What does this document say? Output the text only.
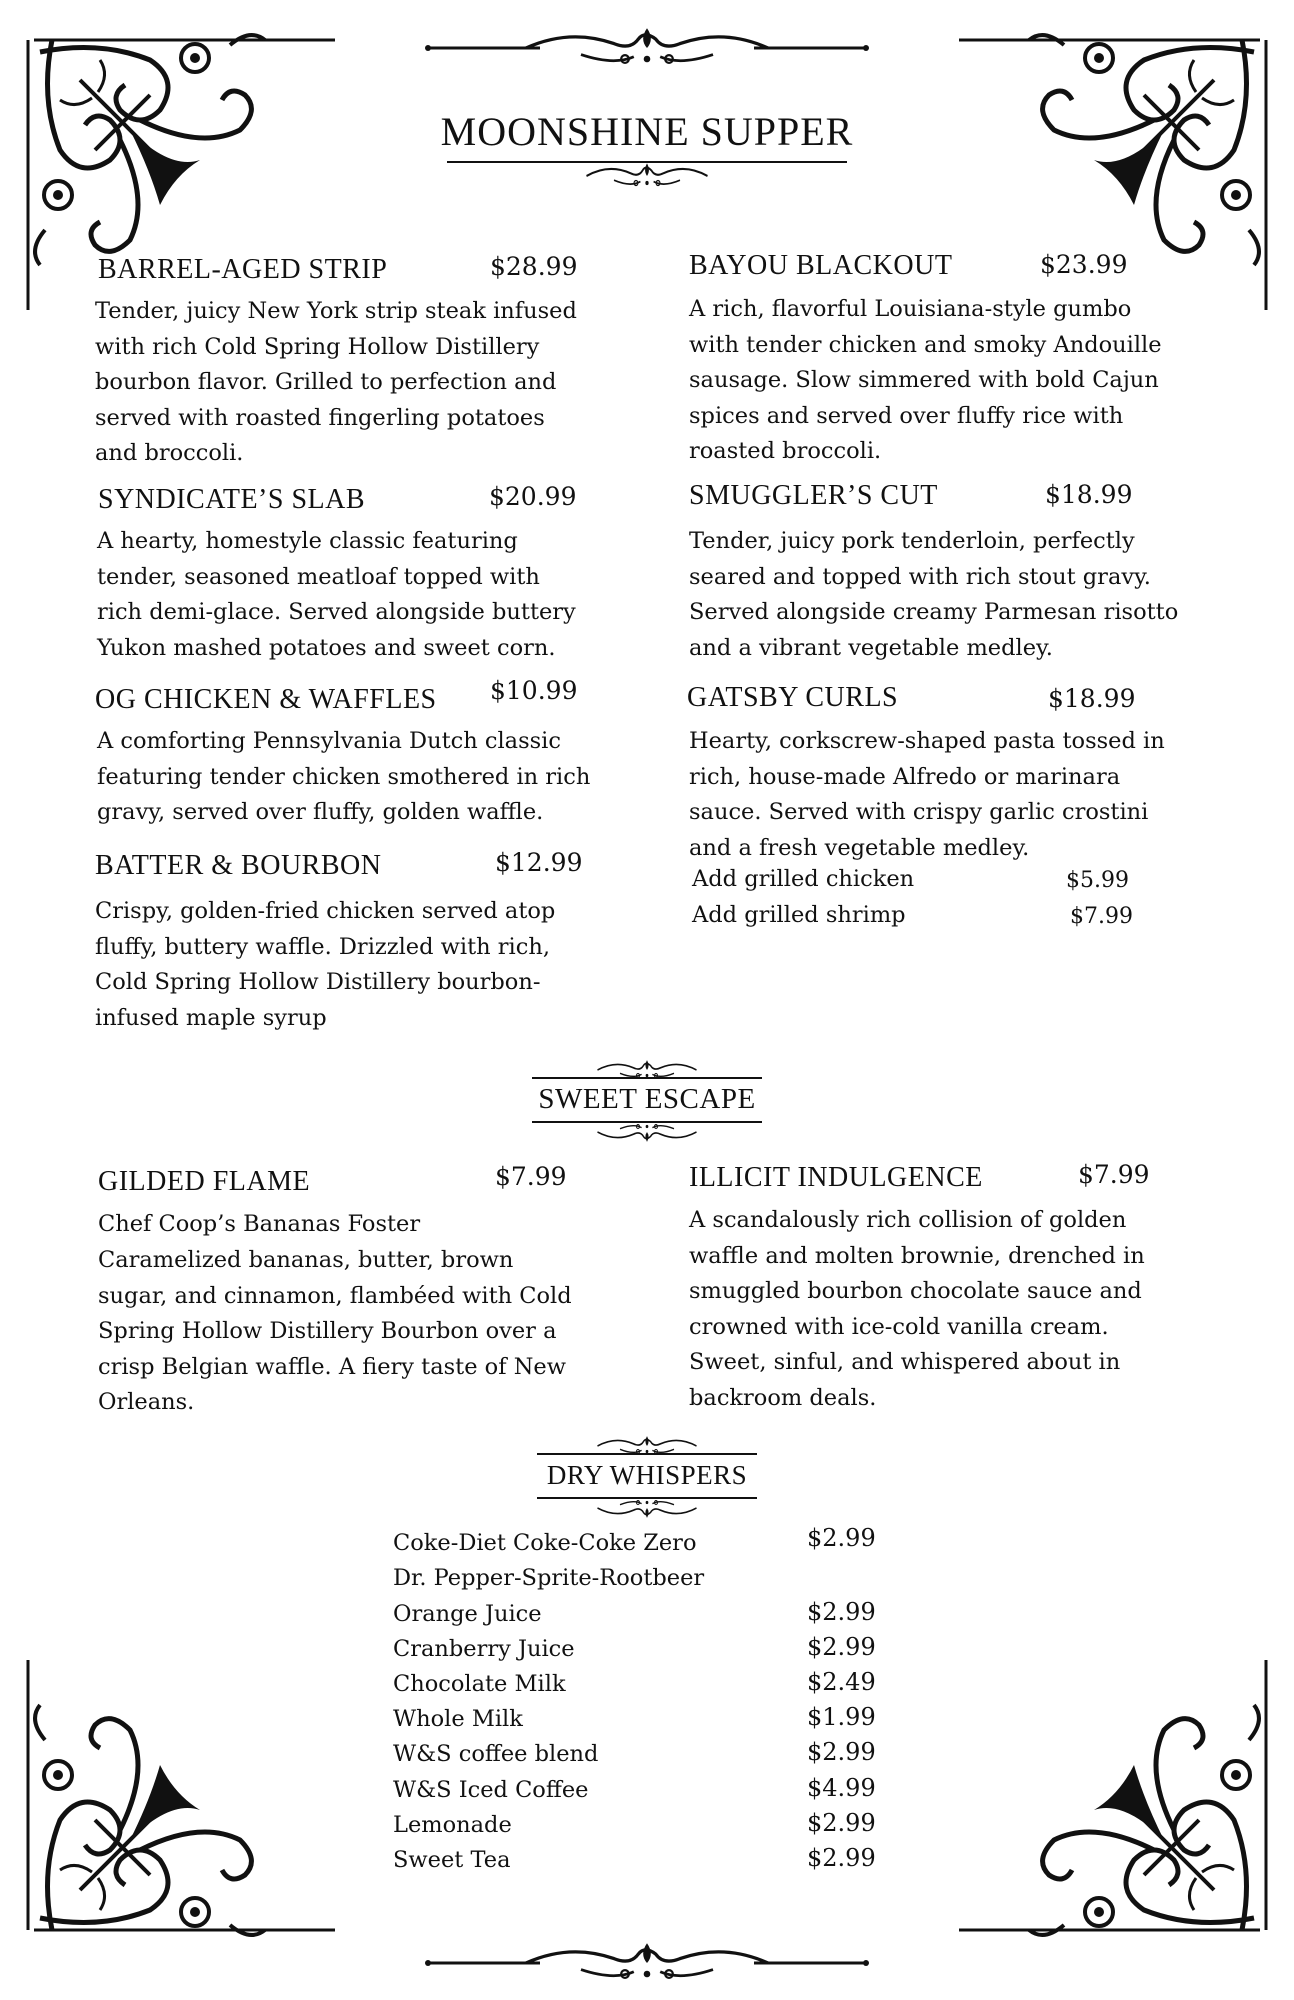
MOONSHINE SUPPER
BARREL-AGED STRIP	$28.99
Tender, juicy New York strip steak infused with rich Cold Spring Hollow Distillery bourbon flavor. Grilled to perfection and served with roasted fingerling potatoes and broccoli.
BAYOU BLACKOUT	$23.99
A rich, flavorful Louisiana-style gumbo with tender chicken and smoky Andouille sausage. Slow simmered with bold Cajun spices and served over fluffy rice with roasted broccoli.
SYNDICATE’S SLAB	$20.99
A hearty, homestyle classic featuring tender, seasoned meatloaf topped with rich demi-glace. Served alongside buttery Yukon mashed potatoes and sweet corn.
SMUGGLER’S CUT	$18.99
Tender, juicy pork tenderloin, perfectly seared and topped with rich stout gravy. Served alongside creamy Parmesan risotto and a vibrant vegetable medley.
OG CHICKEN & WAFFLES $10.99
A comforting Pennsylvania Dutch classic featuring tender chicken smothered in rich gravy, served over fluffy, golden waffle.
GATSBY CURLS	$18.99
Hearty, corkscrew-shaped pasta tossed in rich, house-made Alfredo or marinara sauce. Served with crispy garlic crostini and a fresh vegetable medley.
Add grilled chicken	$5.99
Add grilled shrimp	$7.99
BATTER & BOURBON	$12.99
Crispy, golden-fried chicken served atop fluffy, buttery waffle. Drizzled with rich, Cold Spring Hollow Distillery bourbon-infused maple syrup
SWEET ESCAPE
GILDED FLAME	$7.99
Chef Coop’s Bananas Foster
Caramelized bananas, butter, brown sugar, and cinnamon, flambéed with Cold Spring Hollow Distillery Bourbon over a crisp Belgian waffle. A fiery taste of New Orleans.
ILLICIT INDULGENCE	$7.99
A scandalously rich collision of golden waffle and molten brownie, drenched in smuggled bourbon chocolate sauce and crowned with ice-cold vanilla cream. Sweet, sinful, and whispered about in backroom deals.
DRY WHISPERS
Coke-Diet Coke-Coke Zero	$2.99
Dr. Pepper-Sprite-Rootbeer
Orange Juice	$2.99
Cranberry Juice	$2.99
Chocolate Milk	$2.49
Whole Milk	$1.99
W&S coffee blend	$2.99
W&S Iced Coffee	$4.99
Lemonade	$2.99
Sweet Tea	$2.99
